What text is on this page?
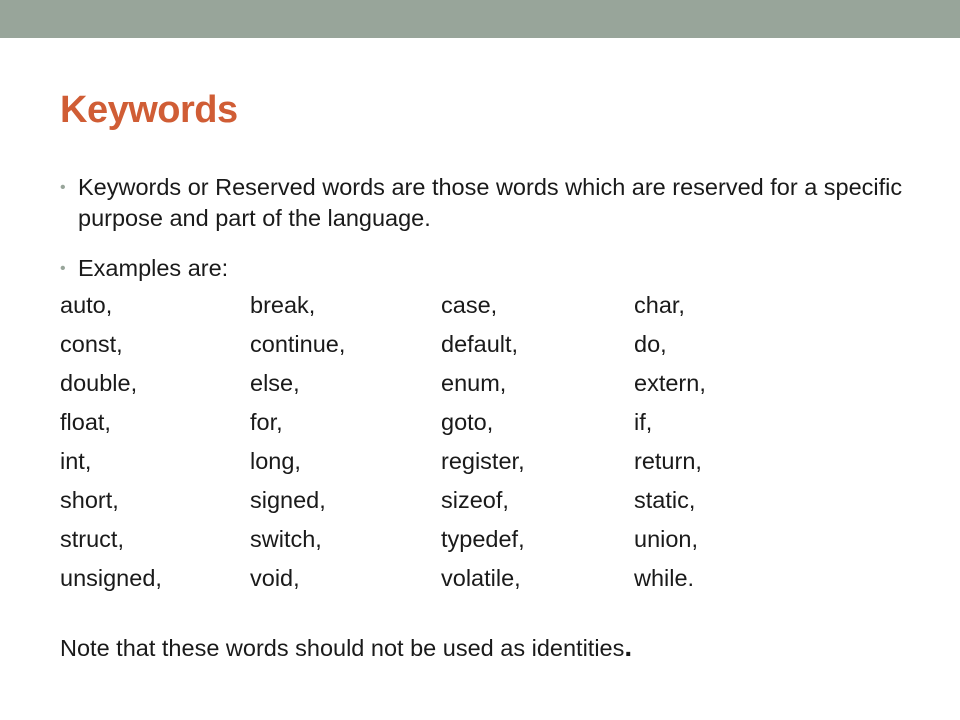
Keywords
• Keywords or Reserved words are those words which are reserved for a specific purpose and part of the language.
• Examples are:
auto,	break,	case,	char,
const,	continue,	default,	do,
double,	else,	enum,	extern,
float,	for,	goto,	if,
int,	long,	register,	return,
short,	signed,	sizeof,	static,
struct,	switch,	typedef,	union,
unsigned,	void,	volatile,	while.

Note that these words should not be used as identities.
